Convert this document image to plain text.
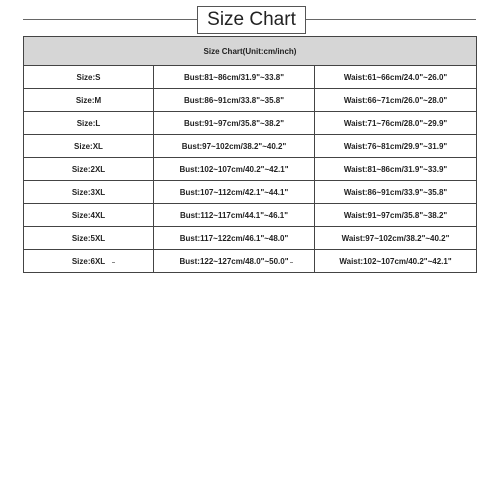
Size Chart
Size Chart(Unit:cm/inch)		
Size:S	Bust:81~86cm/31.9"~33.8"	Waist:61~66cm/24.0"~26.0"
Size:M	Bust:86~91cm/33.8"~35.8"	Waist:66~71cm/26.0"~28.0"
Size:L	Bust:91~97cm/35.8"~38.2"	Waist:71~76cm/28.0"~29.9"
Size:XL	Bust:97~102cm/38.2"~40.2"	Waist:76~81cm/29.9"~31.9"
Size:2XL	Bust:102~107cm/40.2"~42.1"	Waist:81~86cm/31.9"~33.9"
Size:3XL	Bust:107~112cm/42.1"~44.1"	Waist:86~91cm/33.9"~35.8"
Size:4XL	Bust:112~117cm/44.1"~46.1"	Waist:91~97cm/35.8"~38.2"
Size:5XL	Bust:117~122cm/46.1"~48.0"	Waist:97~102cm/38.2"~40.2"
Size:6XL	Bust:122~127cm/48.0"~50.0"	Waist:102~107cm/40.2"~42.1"
